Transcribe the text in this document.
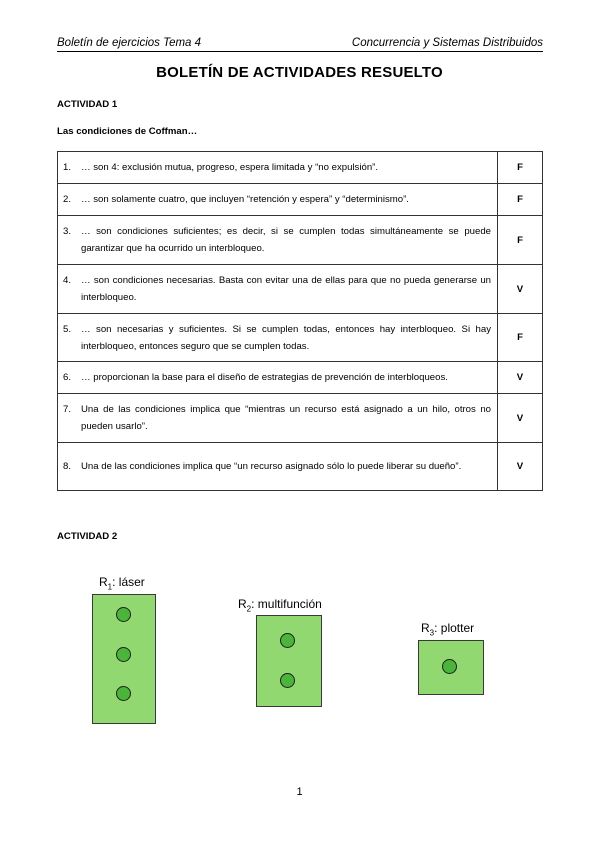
Boletín de ejercicios Tema 4	Concurrencia y Sistemas Distribuidos
BOLETÍN DE ACTIVIDADES RESUELTO
ACTIVIDAD 1
Las condiciones de Coffman…
1. … son 4: exclusión mutua, progreso, espera limitada y “no expulsión”.	F

2. … son solamente cuatro, que incluyen “retención y espera” y “determinismo”.	F

3. … son condiciones suficientes; es decir, si se cumplen todas simultáneamente se puede garantizar que ha ocurrido un interbloqueo.	F

4. … son condiciones necesarias. Basta con evitar una de ellas para que no pueda generarse un interbloqueo.	V

5. … son necesarias y suficientes. Si se cumplen todas, entonces hay interbloqueo. Si hay interbloqueo, entonces seguro que se cumplen todas.	F

6. … proporcionan la base para el diseño de estrategias de prevención de interbloqueos.	V

7. Una de las condiciones implica que “mientras un recurso está asignado a un hilo, otros no pueden usarlo”.	V

8. Una de las condiciones implica que “un recurso asignado sólo lo puede liberar su dueño”.	V
ACTIVIDAD 2
$R_1$: láser
$R_2$: multifunción
$R_3$: plotter
1
